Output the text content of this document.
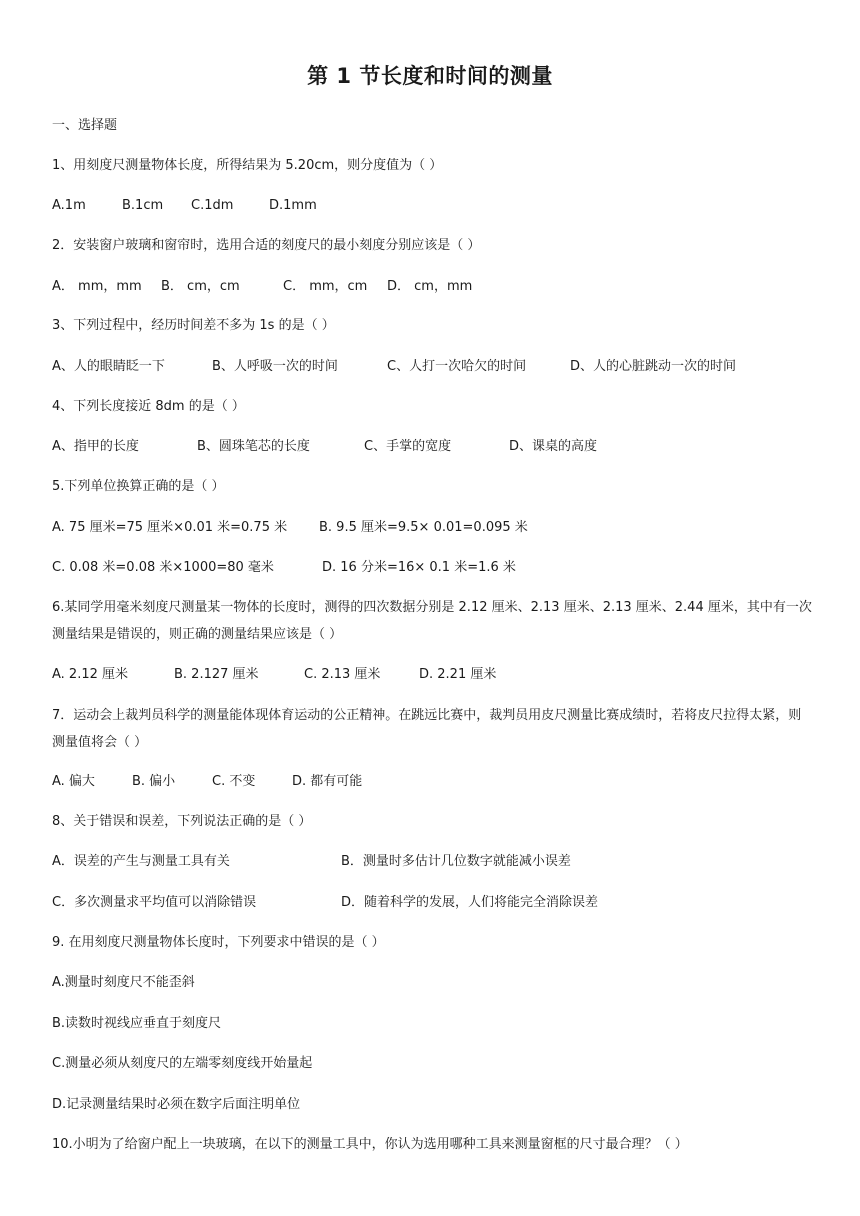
第 1 节长度和时间的测量
一、选择题
1、用刻度尺测量物体长度，所得结果为 5.20cm，则分度值为（ ）
A.1m	B.1cm C.1dm	D.1mm
2．安装窗户玻璃和窗帘时，选用合适的刻度尺的最小刻度分别应该是（ ）
A． mm，mm B． cm，cm	C． mm，cm D． cm，mm
3、下列过程中，经历时间差不多为 1s 的是（ ）
A、人的眼睛眨一下	B、人呼吸一次的时间	C、人打一次哈欠的时间	D、人的心脏跳动一次的时间
4、下列长度接近 8dm 的是（ ）
A、指甲的长度	B、圆珠笔芯的长度	C、手掌的宽度	D、课桌的高度
5.下列单位换算正确的是（ ）
A. 75 厘米=75 厘米×0.01 米=0.75 米 B. 9.5 厘米=9.5× 0.01=0.095 米
C. 0.08 米=0.08 米×1000=80 毫米	D. 16 分米=16× 0.1 米=1.6 米
6.某同学用毫米刻度尺测量某一物体的长度时，测得的四次数据分别是 2.12 厘米、2.13 厘米、2.13 厘米、2.44 厘米，其中有一次测量结果是错误的，则正确的测量结果应该是（ ）
A. 2.12 厘米	B. 2.127 厘米	C. 2.13 厘米	D. 2.21 厘米
7．运动会上裁判员科学的测量能体现体育运动的公正精神。在跳远比赛中，裁判员用皮尺测量比赛成绩时，若将皮尺拉得太紧，则测量值将会（ ）
A. 偏大	B. 偏小	C. 不变	D. 都有可能
8、关于错误和误差，下列说法正确的是（ ）
A．误差的产生与测量工具有关	B．测量时多估计几位数字就能减小误差
C．多次测量求平均值可以消除错误	D．随着科学的发展，人们将能完全消除误差
9. 在用刻度尺测量物体长度时，下列要求中错误的是（ ）
A.测量时刻度尺不能歪斜
B.读数时视线应垂直于刻度尺
C.测量必须从刻度尺的左端零刻度线开始量起
D.记录测量结果时必须在数字后面注明单位
10.小明为了给窗户配上一块玻璃，在以下的测量工具中，你认为选用哪种工具来测量窗框的尺寸最合理？（ ）
